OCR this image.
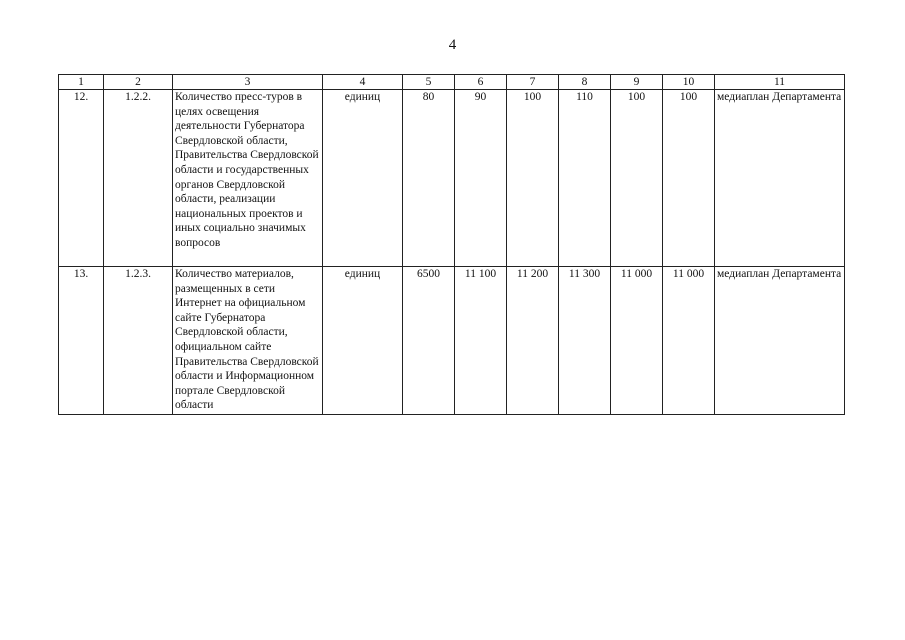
4
1	2	3	4	5	6	7	8	9	10	11
12.	1.2.2.	Количество пресс-туров в целях освещения деятельности Губернатора Свердловской области, Правительства Свердловской области и государственных органов Свердловской области, реализации национальных проектов и иных социально значимых вопросов	единиц	80	90	100	110	100	100	медиаплан Департамента
13.	1.2.3.	Количество материалов, размещенных в сети Интернет на официальном сайте Губернатора Свердловской области, официальном сайте Правительства Свердловской области и Информационном портале Свердловской области	единиц	6500	11 100	11 200	11 300	11 000	11 000	медиаплан Департамента
